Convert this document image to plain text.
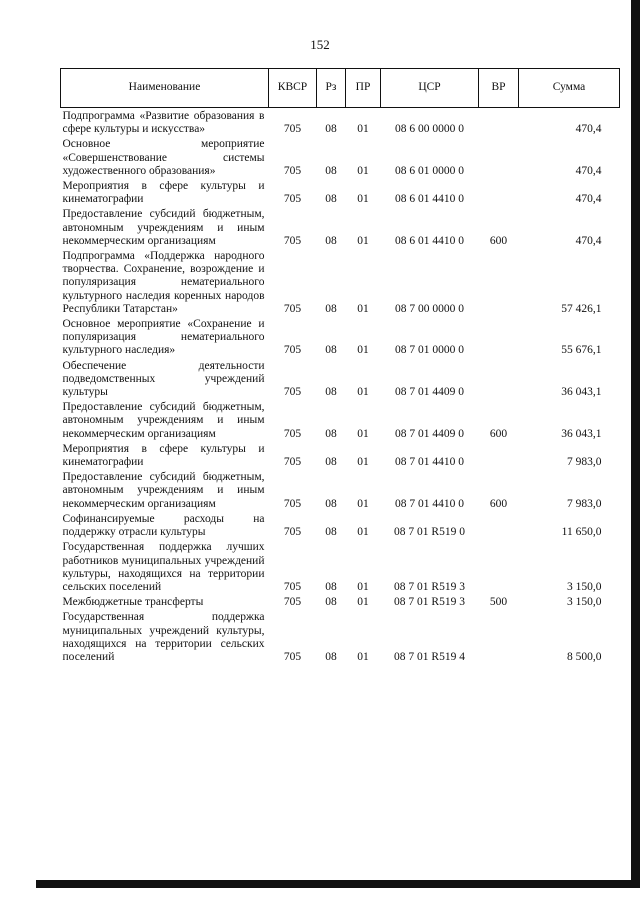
152
Наименование	КВСР	Рз	ПР	ЦСР	ВР	Сумма
Подпрограмма «Развитие образования в сфере культуры и искусства»	705	08	01	08 6 00 0000 0		470,4
Основное мероприятие «Совершенствование системы художественного образования»	705	08	01	08 6 01 0000 0		470,4
Мероприятия в сфере культуры и кинематографии	705	08	01	08 6 01 4410 0		470,4
Предоставление субсидий бюджетным, автономным учреждениям и иным некоммерческим организациям	705	08	01	08 6 01 4410 0	600	470,4
Подпрограмма «Поддержка народного творчества. Сохранение, возрождение и популяризация нематериального культурного наследия коренных народов Республики Татарстан»	705	08	01	08 7 00 0000 0		57 426,1
Основное мероприятие «Сохранение и популяризация нематериального культурного наследия»	705	08	01	08 7 01 0000 0		55 676,1
Обеспечение деятельности подведомственных учреждений культуры	705	08	01	08 7 01 4409 0		36 043,1
Предоставление субсидий бюджетным, автономным учреждениям и иным некоммерческим организациям	705	08	01	08 7 01 4409 0	600	36 043,1
Мероприятия в сфере культуры и кинематографии	705	08	01	08 7 01 4410 0		7 983,0
Предоставление субсидий бюджетным, автономным учреждениям и иным некоммерческим организациям	705	08	01	08 7 01 4410 0	600	7 983,0
Софинансируемые расходы на поддержку отрасли культуры	705	08	01	08 7 01 R519 0		11 650,0
Государственная поддержка лучших работников муниципальных учреждений культуры, находящихся на территории сельских поселений	705	08	01	08 7 01 R519 3		3 150,0
Межбюджетные трансферты	705	08	01	08 7 01 R519 3	500	3 150,0
Государственная поддержка муниципальных учреждений культуры, находящихся на территории сельских поселений	705	08	01	08 7 01 R519 4		8 500,0
